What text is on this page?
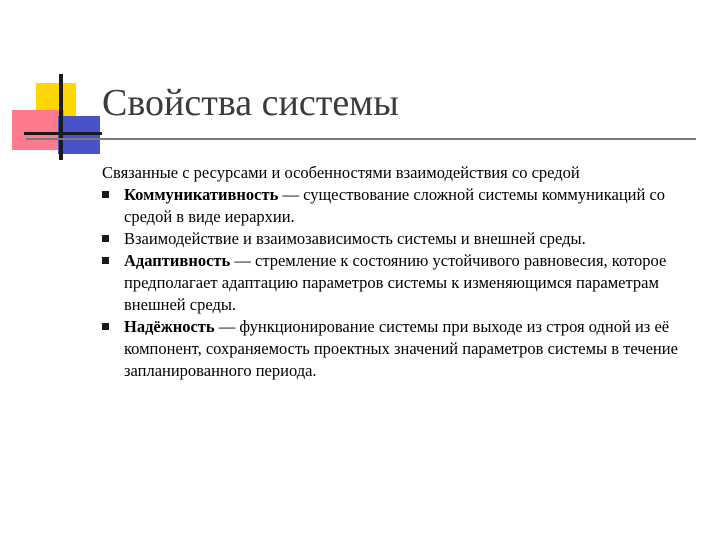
Свойства системы

Связанные с ресурсами и особенностями взаимодействия со средой

Коммуникативность — существование сложной системы коммуникаций со средой в виде иерархии.
Взаимодействие и взаимозависимость системы и внешней среды.
Адаптивность — стремление к состоянию устойчивого равновесия, которое предполагает адаптацию параметров системы к изменяющимся параметрам внешней среды.
Надёжность — функционирование системы при выходе из строя одной из её компонент, сохраняемость проектных значений параметров системы в течение запланированного периода.
